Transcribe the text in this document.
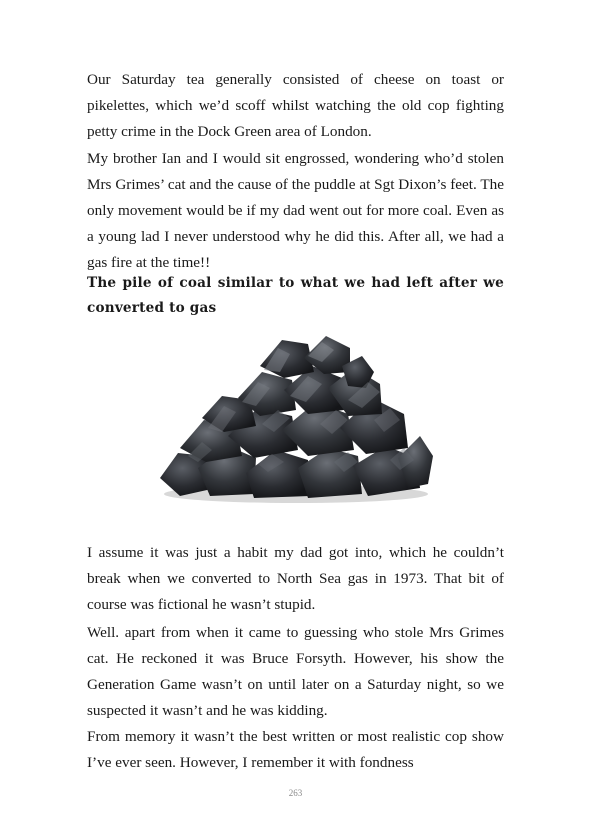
Our Saturday tea generally consisted of cheese on toast or pikelettes, which we’d scoff whilst watching the old cop fighting petty crime in the Dock Green area of London.

My brother Ian and I would sit engrossed, wondering who’d stolen Mrs Grimes’ cat and the cause of the puddle at Sgt Dixon’s feet. The only movement would be if my dad went out for more coal. Even as a young lad I never understood why he did this. After all, we had a gas fire at the time!!

The pile of coal similar to what we had left after we converted to gas

I assume it was just a habit my dad got into, which he couldn’t break when we converted to North Sea gas in 1973. That bit of course was fictional he wasn’t stupid.

Well. apart from when it came to guessing who stole Mrs Grimes cat. He reckoned it was Bruce Forsyth. However, his show the Generation Game wasn’t on until later on a Saturday night, so we suspected it wasn’t and he was kidding.

From memory it wasn’t the best written or most realistic cop show I’ve ever seen. However, I remember it with fondness

263
